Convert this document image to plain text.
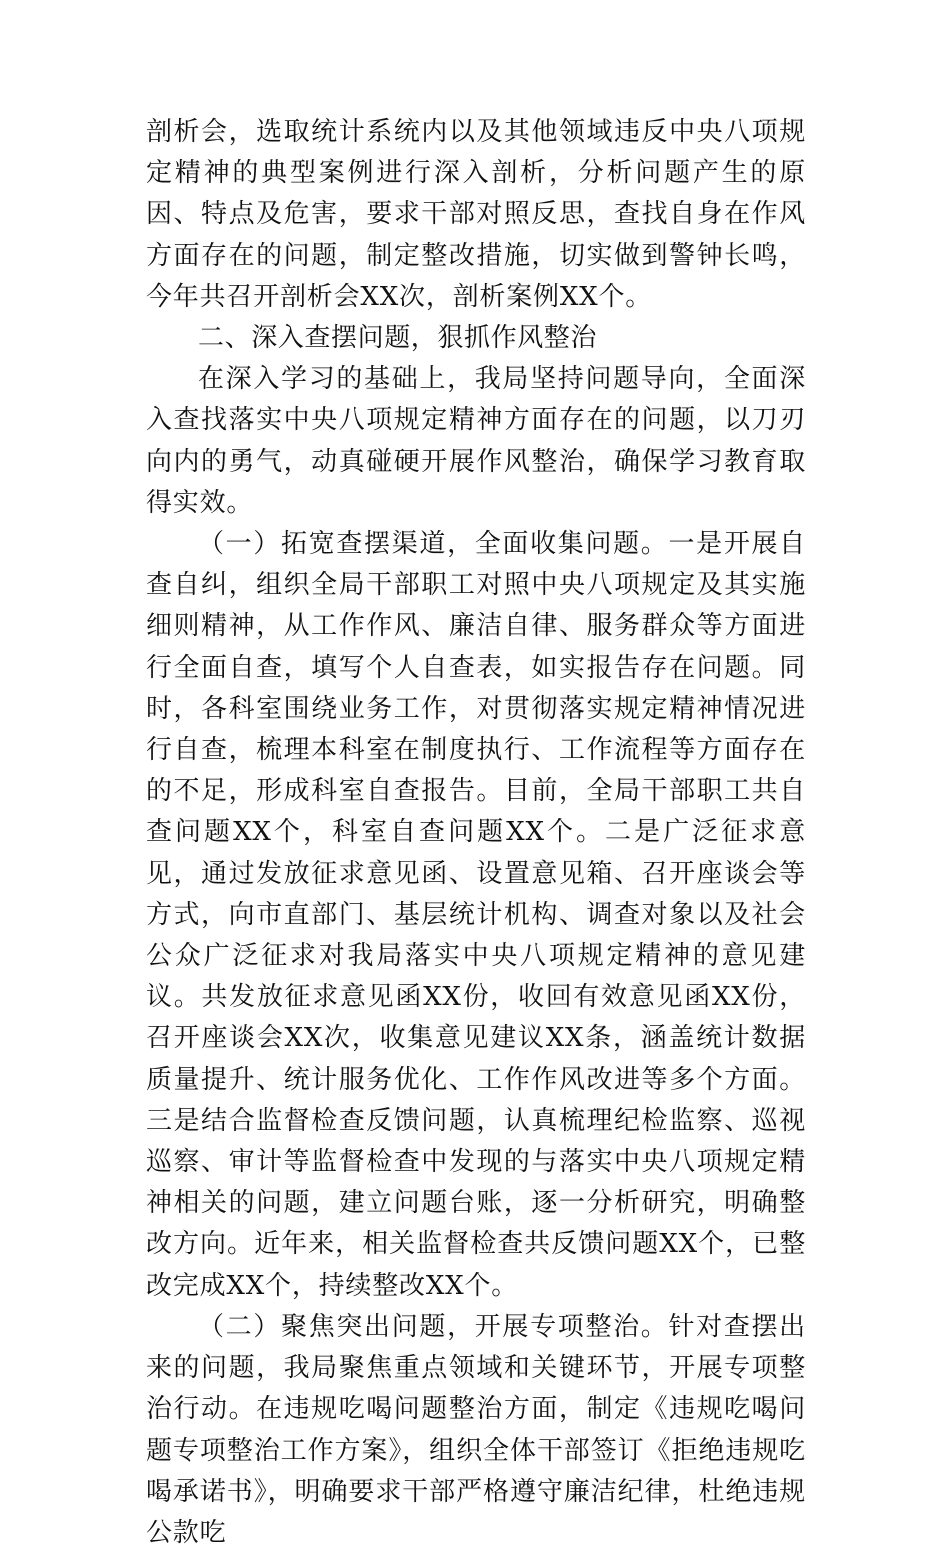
剖析会，选取统计系统内以及其他领域违反中央八项规定精神的典型案例进行深入剖析，分析问题产生的原因、特点及危害，要求干部对照反思，查找自身在作风方面存在的问题，制定整改措施，切实做到警钟长鸣，今年共召开剖析会XX次，剖析案例XX个。

二、深入查摆问题，狠抓作风整治

在深入学习的基础上，我局坚持问题导向，全面深入查找落实中央八项规定精神方面存在的问题，以刀刃向内的勇气，动真碰硬开展作风整治，确保学习教育取得实效。

（一）拓宽查摆渠道，全面收集问题。一是开展自查自纠，组织全局干部职工对照中央八项规定及其实施细则精神，从工作作风、廉洁自律、服务群众等方面进行全面自查，填写个人自查表，如实报告存在问题。同时，各科室围绕业务工作，对贯彻落实规定精神情况进行自查，梳理本科室在制度执行、工作流程等方面存在的不足，形成科室自查报告。目前，全局干部职工共自查问题XX个，科室自查问题XX个。二是广泛征求意见，通过发放征求意见函、设置意见箱、召开座谈会等方式，向市直部门、基层统计机构、调查对象以及社会公众广泛征求对我局落实中央八项规定精神的意见建议。共发放征求意见函XX份，收回有效意见函XX份，召开座谈会XX次，收集意见建议XX条，涵盖统计数据质量提升、统计服务优化、工作作风改进等多个方面。三是结合监督检查反馈问题，认真梳理纪检监察、巡视巡察、审计等监督检查中发现的与落实中央八项规定精神相关的问题，建立问题台账，逐一分析研究，明确整改方向。近年来，相关监督检查共反馈问题XX个，已整改完成XX个，持续整改XX个。

（二）聚焦突出问题，开展专项整治。针对查摆出来的问题，我局聚焦重点领域和关键环节，开展专项整治行动。在违规吃喝问题整治方面，制定《违规吃喝问题专项整治工作方案》，组织全体干部签订《拒绝违规吃喝承诺书》，明确要求干部严格遵守廉洁纪律，杜绝违规公款吃
